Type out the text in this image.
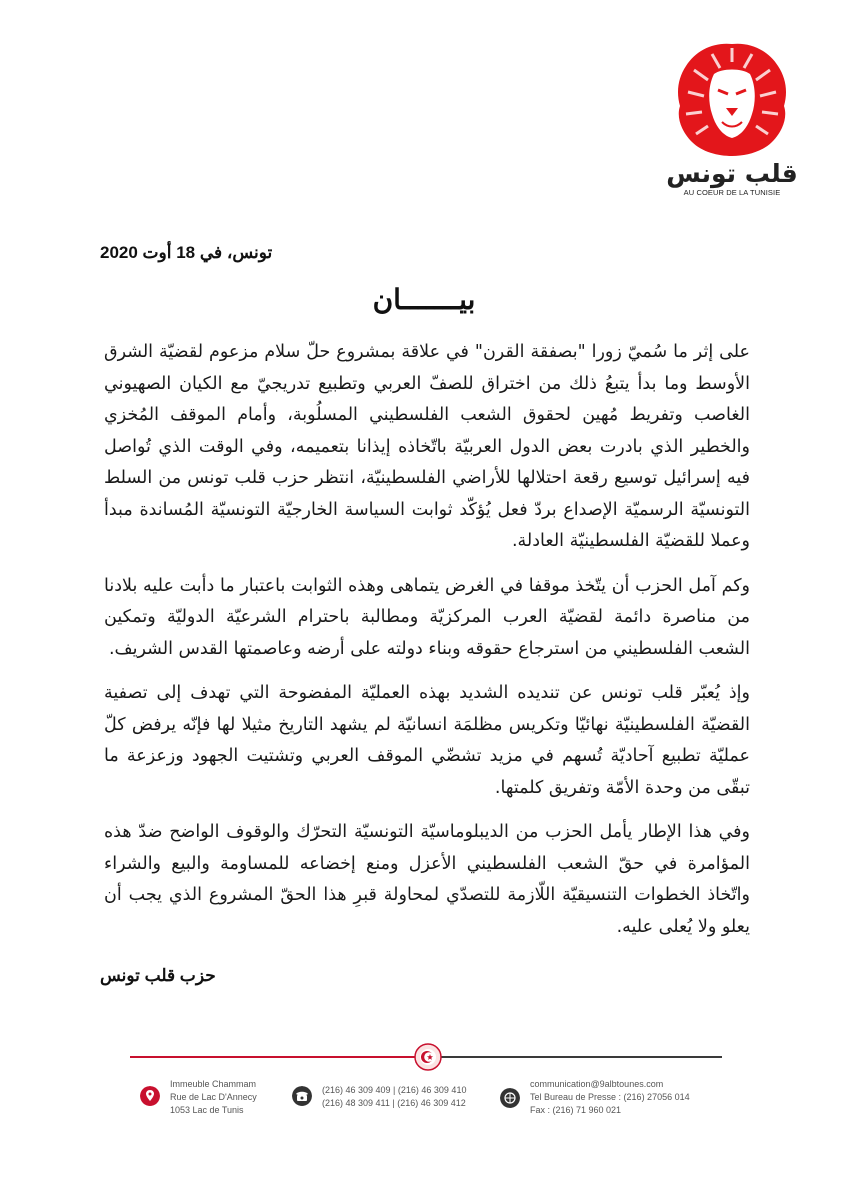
قلب تونس
AU COEUR DE LA TUNISIE
تونس، في 18 أوت 2020
بيـــــــان

على إثر ما سُميّ زورا "بصفقة القرن" في علاقة بمشروع حلّ سلام مزعوم لقضيّة الشرق الأوسط وما بدأ يتبعُ ذلك من اختراق للصفّ العربي وتطبيع تدريجيّ مع الكيان الصهيوني الغاصب وتفريط مُهين لحقوق الشعب الفلسطيني المسلُوبة، وأمام الموقف المُخزي والخطير الذي بادرت بعض الدول العربيّة باتّخاذه إيذانا بتعميمه، وفي الوقت الذي تُواصل فيه إسرائيل توسيع رقعة احتلالها للأراضي الفلسطينيّة، انتظر حزب قلب تونس من السلط التونسيّة الرسميّة الإصداع بردّ فعل يُؤكّد ثوابت السياسة الخارجيّة التونسيّة المُساندة مبدأ وعملا للقضيّة الفلسطينيّة العادلة.

وكم آمل الحزب أن يتّخذ موقفا في الغرض يتماهى وهذه الثوابت باعتبار ما دأبت عليه بلادنا من مناصرة دائمة لقضيّة العرب المركزيّة ومطالبة باحترام الشرعيّة الدوليّة وتمكين الشعب الفلسطيني من استرجاع حقوقه وبناء دولته على أرضه وعاصمتها القدس الشريف.

وإذ يُعبّر قلب تونس عن تنديده الشديد بهذه العمليّة المفضوحة التي تهدف إلى تصفية القضيّة الفلسطينيّة نهائيّا وتكريس مظلمَة انسانيّة لم يشهد التاريخ مثيلا لها فإنّه يرفض كلّ عمليّة تطبيع آحاديّة تُسهم في مزيد تشضّي الموقف العربي وتشتيت الجهود وزعزعة ما تبقّى من وحدة الأمّة وتفريق كلمتها.

وفي هذا الإطار يأمل الحزب من الديبلوماسيّة التونسيّة التحرّك والوقوف الواضح ضدّ هذه المؤامرة في حقّ الشعب الفلسطيني الأعزل ومنع إخضاعه للمساومة والبيع والشراء واتّخاذ الخطوات التنسيقيّة اللّازمة للتصدّي لمحاولة قبرِ هذا الحقّ المشروع الذي يجب أن يعلو ولا يُعلى عليه.

حزب قلب تونس
Immeuble Chammam
Rue de Lac D'Annecy
1053 Lac de Tunis
(216) 46 309 409 | (216) 46 309 410
(216) 48 309 411 | (216) 46 309 412
communication@9albtounes.com
Tel Bureau de Presse : (216) 27056 014
Fax : (216) 71 960 021
